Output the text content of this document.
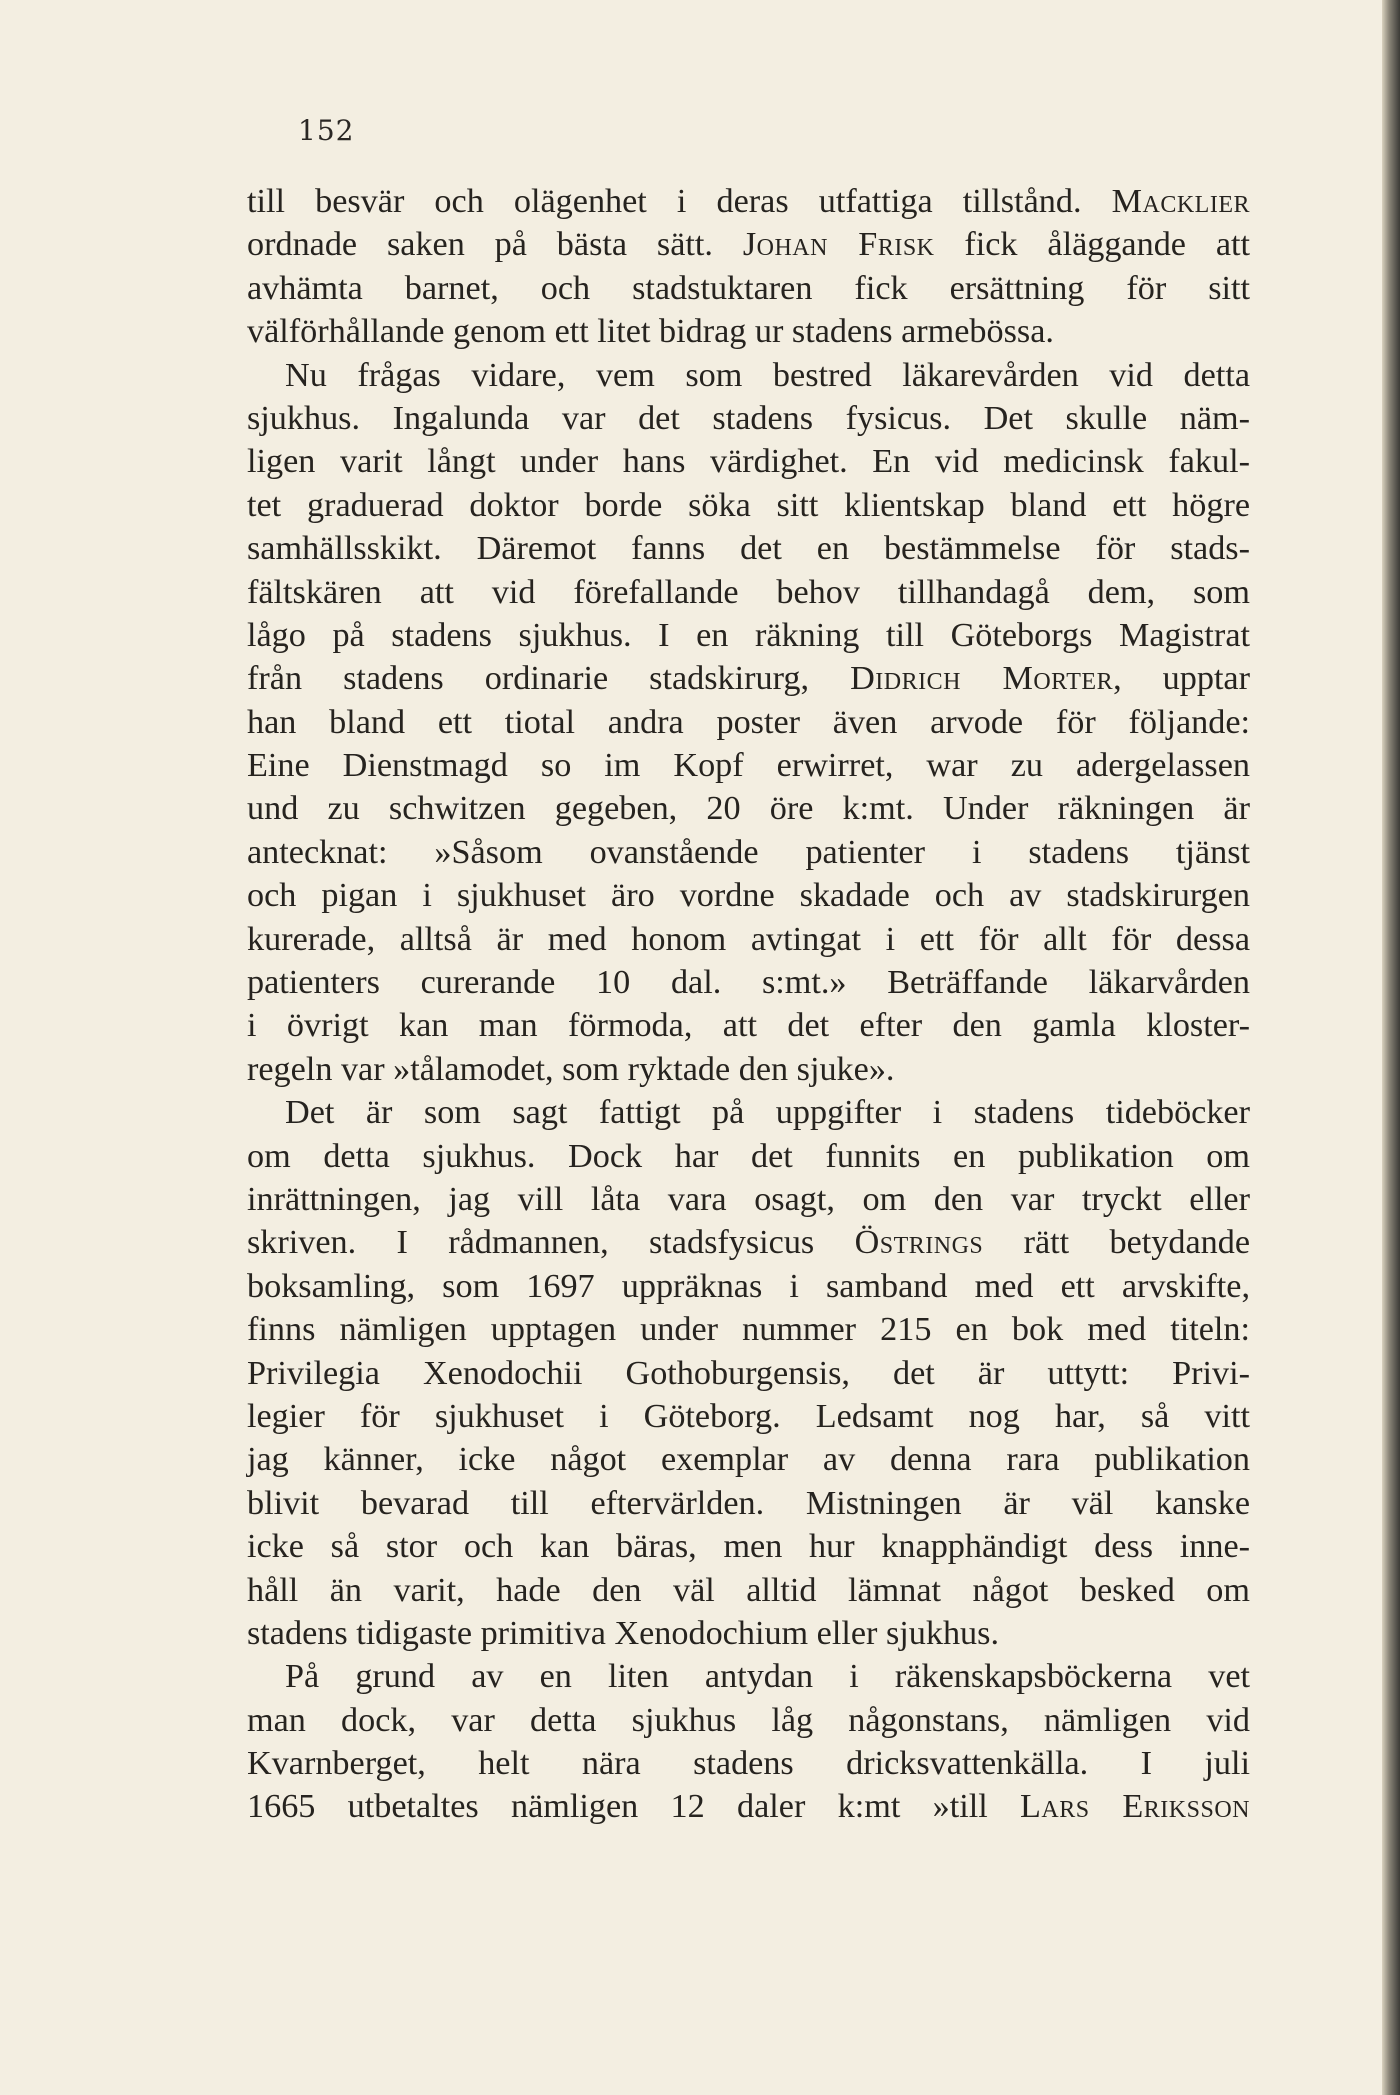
152
till besvär och olägenhet i deras utfattiga tillstånd. Macklier
ordnade saken på bästa sätt. Johan Frisk fick åläggande att
avhämta barnet, och stadstuktaren fick ersättning för sitt
välförhållande genom ett litet bidrag ur stadens armebössa.
Nu frågas vidare, vem som bestred läkarevården vid detta
sjukhus. Ingalunda var det stadens fysicus. Det skulle näm-
ligen varit långt under hans värdighet. En vid medicinsk fakul-
tet graduerad doktor borde söka sitt klientskap bland ett högre
samhällsskikt. Däremot fanns det en bestämmelse för stads-
fältskären att vid förefallande behov tillhandagå dem, som
lågo på stadens sjukhus. I en räkning till Göteborgs Magistrat
från stadens ordinarie stadskirurg, Didrich Morter, upptar
han bland ett tiotal andra poster även arvode för följande:
Eine Dienstmagd so im Kopf erwirret, war zu adergelassen
und zu schwitzen gegeben, 20 öre k:mt. Under räkningen är
antecknat: »Såsom ovanstående patienter i stadens tjänst
och pigan i sjukhuset äro vordne skadade och av stadskirurgen
kurerade, alltså är med honom avtingat i ett för allt för dessa
patienters curerande 10 dal. s:mt.» Beträffande läkarvården
i övrigt kan man förmoda, att det efter den gamla kloster-
regeln var »tålamodet, som ryktade den sjuke».
Det är som sagt fattigt på uppgifter i stadens tideböcker
om detta sjukhus. Dock har det funnits en publikation om
inrättningen, jag vill låta vara osagt, om den var tryckt eller
skriven. I rådmannen, stadsfysicus Östrings rätt betydande
boksamling, som 1697 uppräknas i samband med ett arvskifte,
finns nämligen upptagen under nummer 215 en bok med titeln:
Privilegia Xenodochii Gothoburgensis, det är uttytt: Privi-
legier för sjukhuset i Göteborg. Ledsamt nog har, så vitt
jag känner, icke något exemplar av denna rara publikation
blivit bevarad till eftervärlden. Mistningen är väl kanske
icke så stor och kan bäras, men hur knapphändigt dess inne-
håll än varit, hade den väl alltid lämnat något besked om
stadens tidigaste primitiva Xenodochium eller sjukhus.
På grund av en liten antydan i räkenskapsböckerna vet
man dock, var detta sjukhus låg någonstans, nämligen vid
Kvarnberget, helt nära stadens dricksvattenkälla. I juli
1665 utbetaltes nämligen 12 daler k:mt »till Lars Eriksson
